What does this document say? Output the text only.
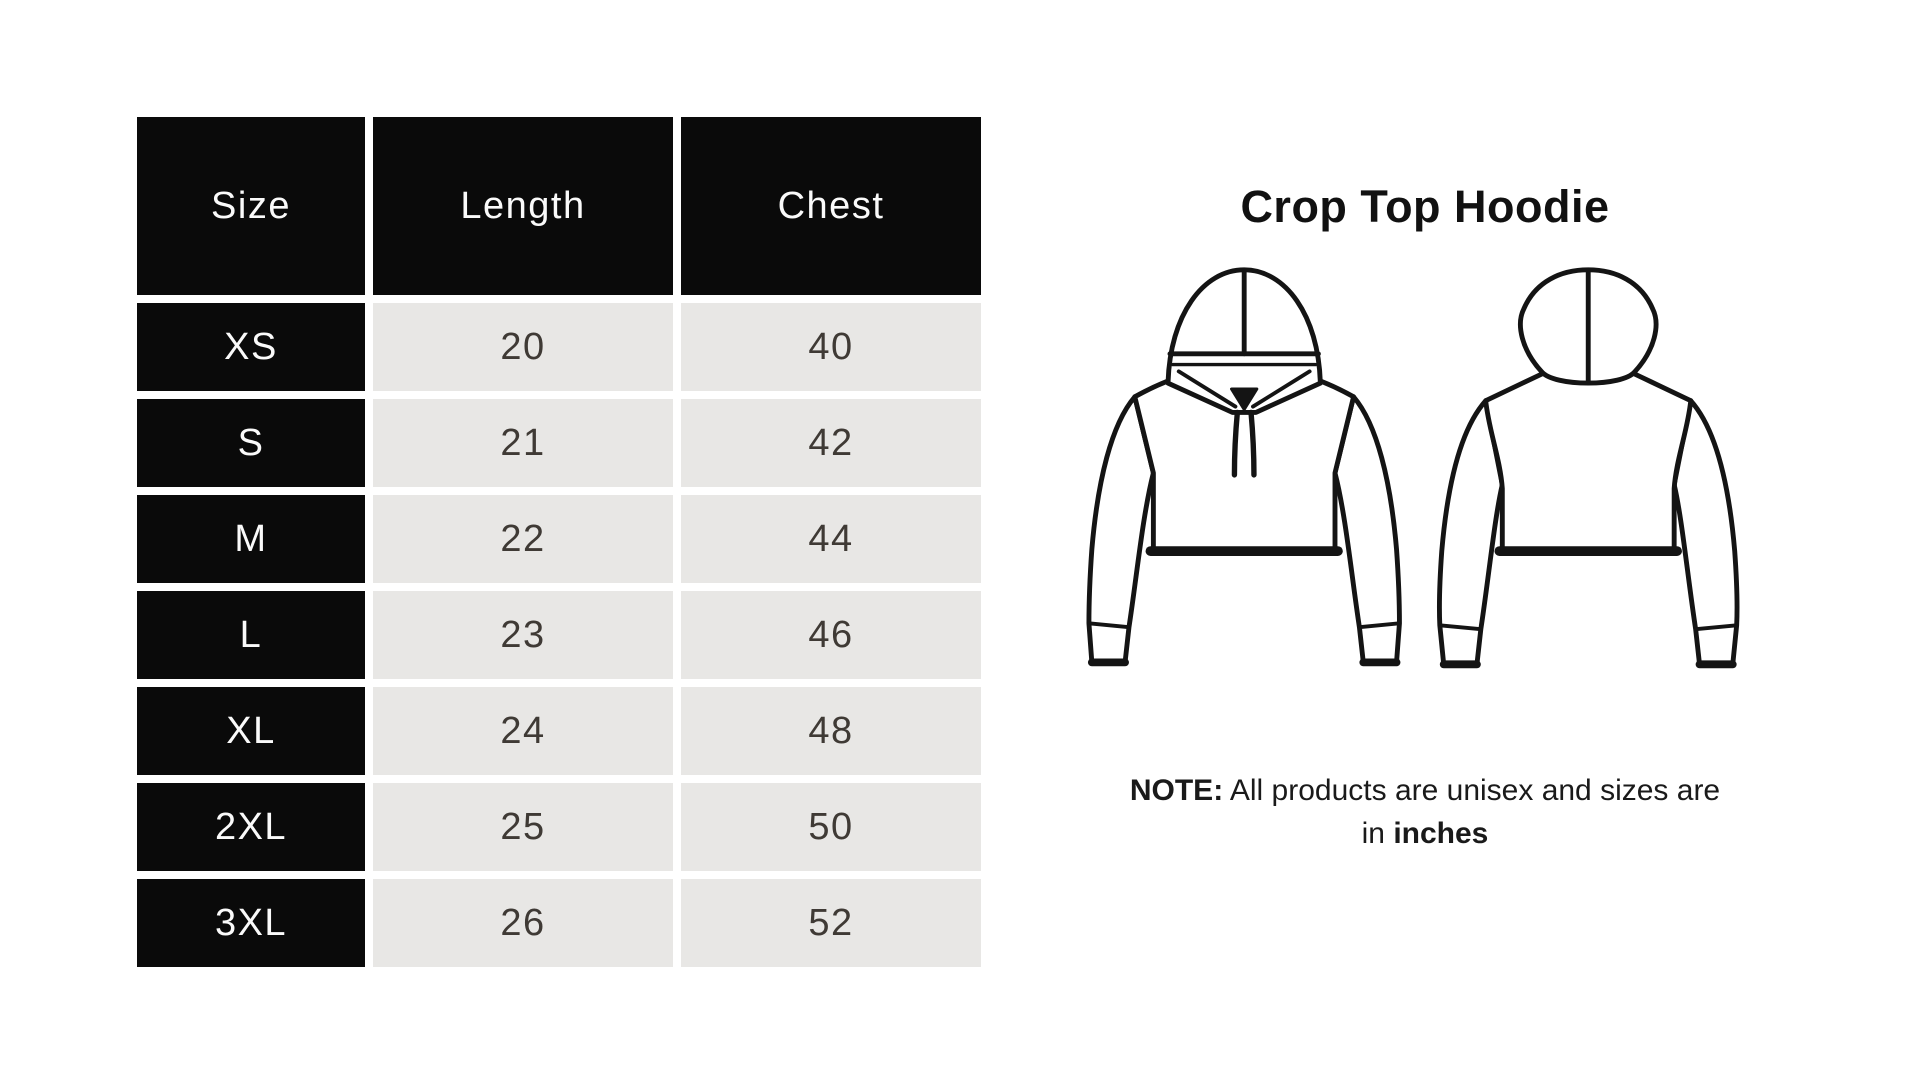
Size	Length	Chest
XS	20	40
S	21	42
M	22	44
L	23	46
XL	24	48
2XL	25	50
3XL	26	52
Crop Top Hoodie
NOTE: All products are unisex and sizes are in inches
